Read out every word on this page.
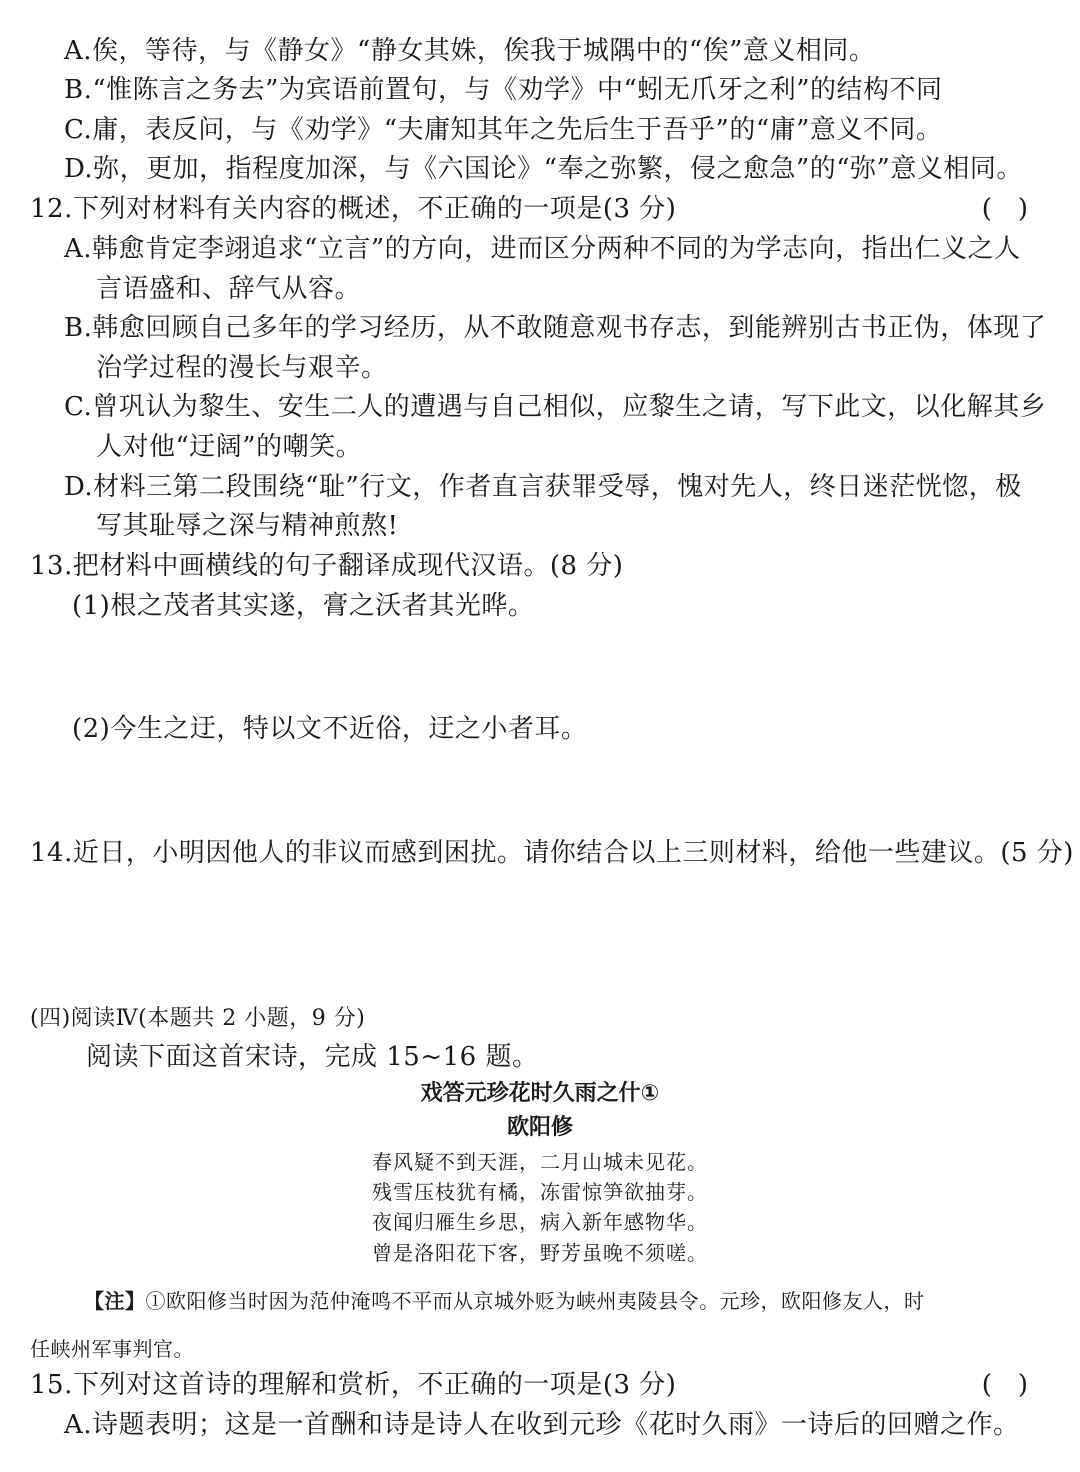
A.俟，等待，与《静女》“静女其姝，俟我于城隅中的“俟”意义相同。
B.“惟陈言之务去”为宾语前置句，与《劝学》中“蚓无爪牙之利”的结构不同
C.庸，表反问，与《劝学》“夫庸知其年之先后生于吾乎”的“庸”意义不同。
D.弥，更加，指程度加深，与《六国论》“奉之弥繁，侵之愈急”的“弥”意义相同。
12.下列对材料有关内容的概述，不正确的一项是(3 分)	(　)
A.韩愈肯定李翊追求“立言”的方向，进而区分两种不同的为学志向，指出仁义之人
言语盛和、辞气从容。
B.韩愈回顾自己多年的学习经历，从不敢随意观书存志，到能辨别古书正伪，体现了
治学过程的漫长与艰辛。
C.曾巩认为黎生、安生二人的遭遇与自己相似，应黎生之请，写下此文，以化解其乡
人对他“迂阔”的嘲笑。
D.材料三第二段围绕“耻”行文，作者直言获罪受辱，愧对先人，终日迷茫恍惚，极
写其耻辱之深与精神煎熬!
13.把材料中画横线的句子翻译成现代汉语。(8 分)
(1)根之茂者其实遂，膏之沃者其光晔。
(2)今生之迂，特以文不近俗，迂之小者耳。
14.近日，小明因他人的非议而感到困扰。请你结合以上三则材料，给他一些建议。(5 分)
(四)阅读Ⅳ(本题共 2 小题，9 分)
阅读下面这首宋诗，完成 15~16 题。
戏答元珍花时久雨之什①
欧阳修
春风疑不到天涯，二月山城未见花。
残雪压枝犹有橘，冻雷惊笋欲抽芽。
夜闻归雁生乡思，病入新年感物华。
曾是洛阳花下客，野芳虽晚不须嗟。
【注】①欧阳修当时因为范仲淹鸣不平而从京城外贬为峡州夷陵县令。元珍，欧阳修友人，时
任峡州军事判官。
15.下列对这首诗的理解和赏析，不正确的一项是(3 分)	(　)
A.诗题表明；这是一首酬和诗是诗人在收到元珍《花时久雨》一诗后的回赠之作。
